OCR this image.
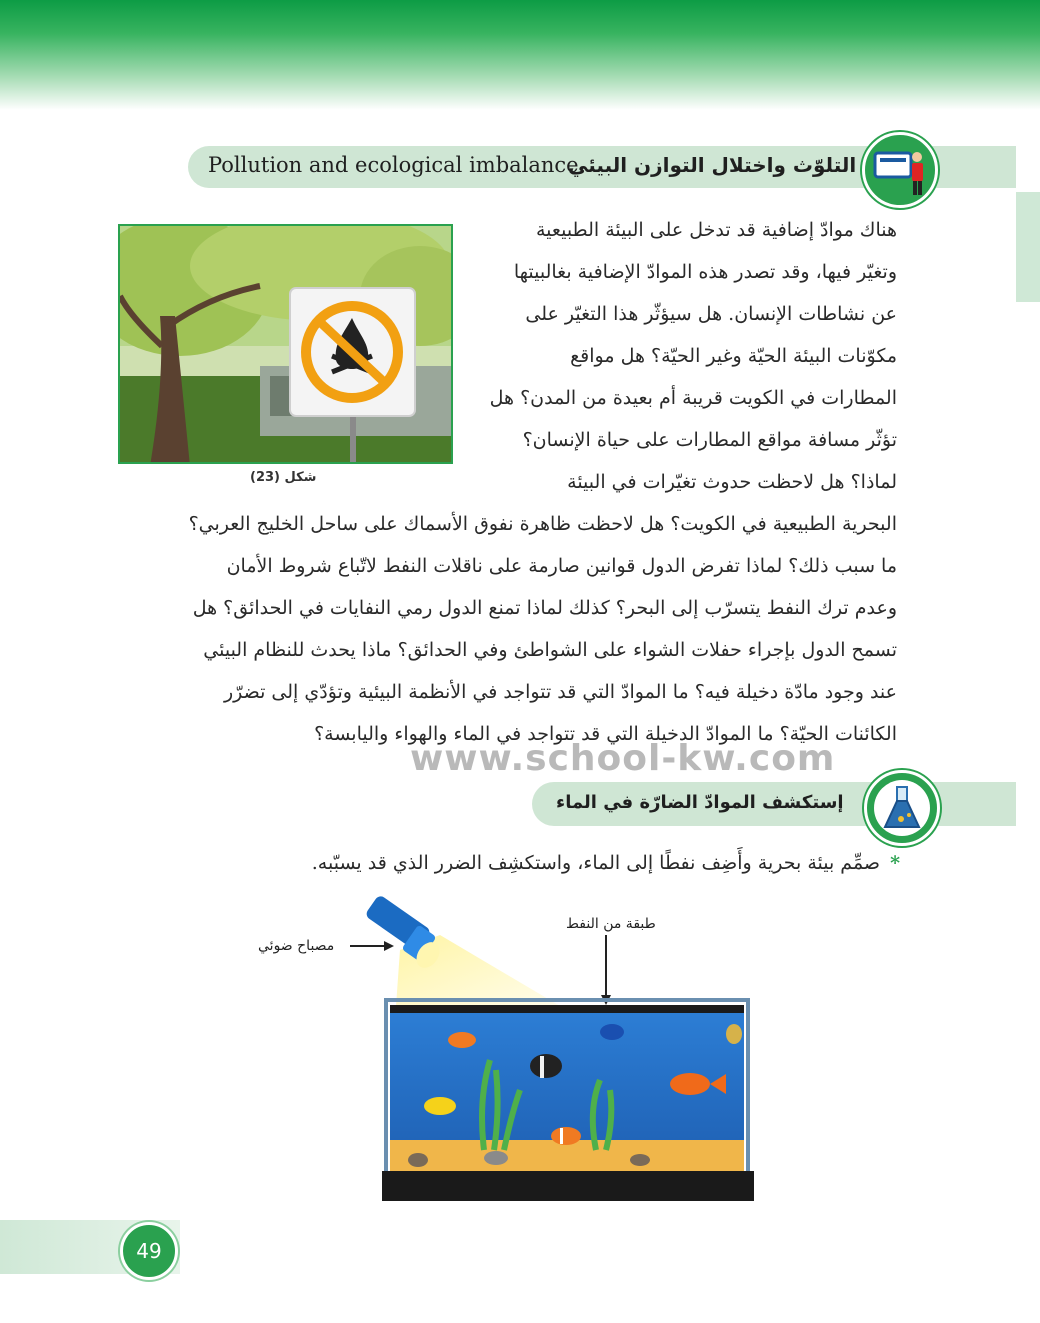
Pollution and ecological imbalance
التلوّث واختلال التوازن البيئي
شكل (23)
هناك موادّ إضافية قد تدخل على البيئة الطبيعية
وتغيّر فيها، وقد تصدر هذه الموادّ الإضافية بغالبيتها
عن نشاطات الإنسان. هل سيؤثّر هذا التغيّر على
مكوّنات البيئة الحيّة وغير الحيّة؟ هل مواقع
المطارات في الكويت قريبة أم بعيدة من المدن؟ هل
تؤثّر مسافة مواقع المطارات على حياة الإنسان؟
لماذا؟ هل لاحظت حدوث تغيّرات في البيئة
البحرية الطبيعية في الكويت؟ هل لاحظت ظاهرة نفوق الأسماك على ساحل الخليج العربي؟
ما سبب ذلك؟ لماذا تفرض الدول قوانين صارمة على ناقلات النفط لاتّباع شروط الأمان
وعدم ترك النفط يتسرّب إلى البحر؟ كذلك لماذا تمنع الدول رمي النفايات في الحدائق؟ هل
تسمح الدول بإجراء حفلات الشواء على الشواطئ وفي الحدائق؟ ماذا يحدث للنظام البيئي
عند وجود مادّة دخيلة فيه؟ ما الموادّ التي قد تتواجد في الأنظمة البيئية وتؤدّي إلى تضرّر
الكائنات الحيّة؟ ما الموادّ الدخيلة التي قد تتواجد في الماء والهواء واليابسة؟
www.school-kw.com
إستكشف الموادّ الضارّة في الماء
*صمِّم بيئة بحرية وأَضِف نفطًا إلى الماء، واستكشِف الضرر الذي قد يسبّبه.
مصباح ضوئي
طبقة من النفط
49
